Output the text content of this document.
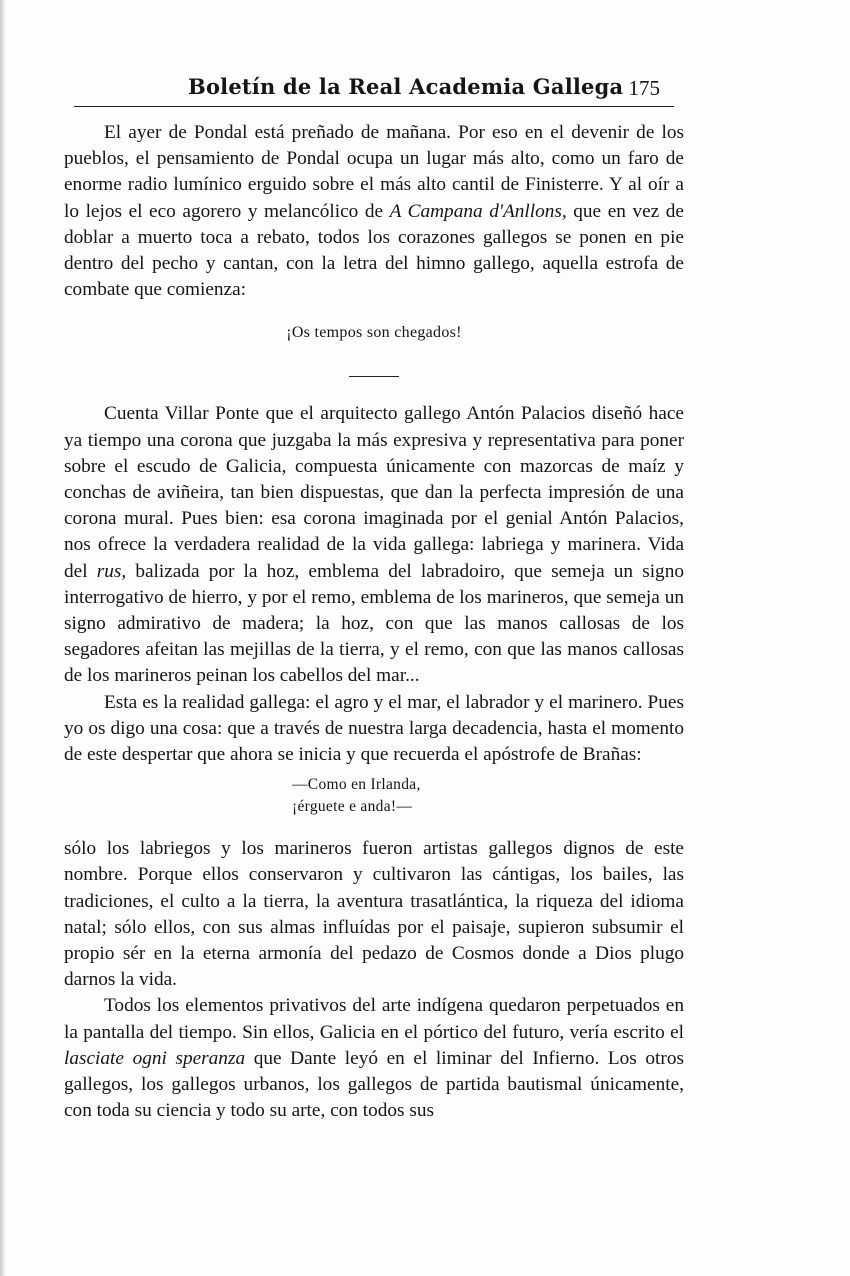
Boletín de la Real Academia Gallega 175

El ayer de Pondal está preñado de mañana. Por eso en el devenir de los pueblos, el pensamiento de Pondal ocupa un lugar más alto, como un faro de enorme radio lumínico erguido sobre el más alto cantil de Finisterre. Y al oír a lo lejos el eco agorero y melancólico de A Campana d'Anllons, que en vez de doblar a muerto toca a rebato, todos los corazones gallegos se ponen en pie dentro del pecho y cantan, con la letra del himno gallego, aquella estrofa de combate que comienza:

¡Os tempos son chegados!

Cuenta Villar Ponte que el arquitecto gallego Antón Palacios diseñó hace ya tiempo una corona que juzgaba la más expresiva y representativa para poner sobre el escudo de Galicia, compuesta únicamente con mazorcas de maíz y conchas de aviñeira, tan bien dispuestas, que dan la perfecta impresión de una corona mural. Pues bien: esa corona imaginada por el genial Antón Palacios, nos ofrece la verdadera realidad de la vida gallega: labriega y marinera. Vida del rus, balizada por la hoz, emblema del labradoiro, que semeja un signo interrogativo de hierro, y por el remo, emblema de los marineros, que semeja un signo admirativo de madera; la hoz, con que las manos callosas de los segadores afeitan las mejillas de la tierra, y el remo, con que las manos callosas de los marineros peinan los cabellos del mar...

Esta es la realidad gallega: el agro y el mar, el labrador y el marinero. Pues yo os digo una cosa: que a través de nuestra larga decadencia, hasta el momento de este despertar que ahora se inicia y que recuerda el apóstrofe de Brañas:

—Como en Irlanda,
¡érguete e anda!—

sólo los labriegos y los marineros fueron artistas gallegos dignos de este nombre. Porque ellos conservaron y cultivaron las cántigas, los bailes, las tradiciones, el culto a la tierra, la aventura trasatlántica, la riqueza del idioma natal; sólo ellos, con sus almas influídas por el paisaje, supieron subsumir el propio sér en la eterna armonía del pedazo de Cosmos donde a Dios plugo darnos la vida.

Todos los elementos privativos del arte indígena quedaron perpetuados en la pantalla del tiempo. Sin ellos, Galicia en el pórtico del futuro, vería escrito el lasciate ogni speranza que Dante leyó en el liminar del Infierno. Los otros gallegos, los gallegos urbanos, los gallegos de partida bautismal únicamente, con toda su ciencia y todo su arte, con todos sus
